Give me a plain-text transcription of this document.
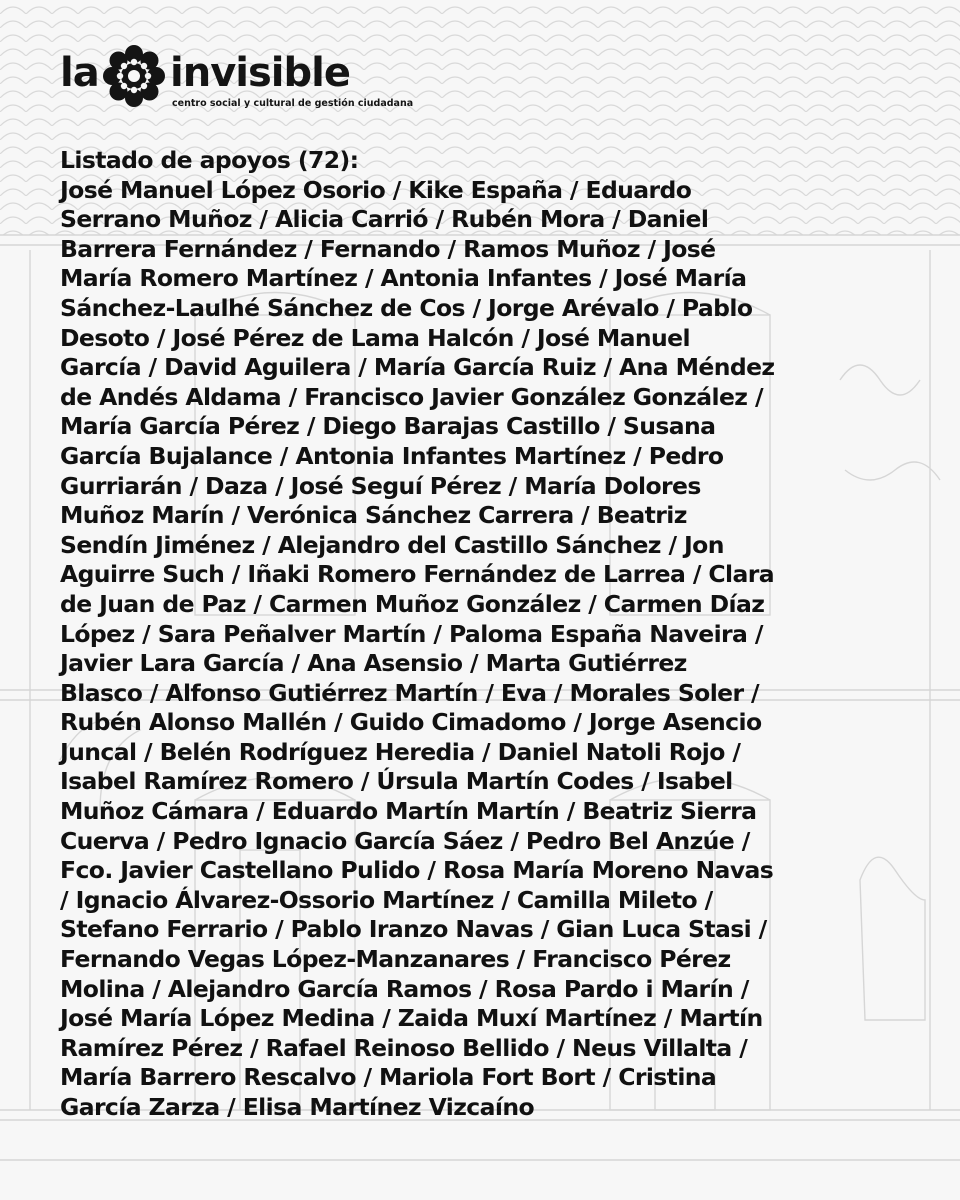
la invisible
centro social y cultural de gestión ciudadana
Listado de apoyos (72):
José Manuel López Osorio / Kike España / Eduardo
Serrano Muñoz / Alicia Carrió / Rubén Mora / Daniel
Barrera Fernández / Fernando / Ramos Muñoz / José
María Romero Martínez / Antonia Infantes / José María
Sánchez-Laulhé Sánchez de Cos / Jorge Arévalo / Pablo
Desoto / José Pérez de Lama Halcón / José Manuel
García / David Aguilera / María García Ruiz / Ana Méndez
de Andés Aldama / Francisco Javier González González /
María García Pérez / Diego Barajas Castillo / Susana
García Bujalance / Antonia Infantes Martínez / Pedro
Gurriarán / Daza / José Seguí Pérez / María Dolores
Muñoz Marín / Verónica Sánchez Carrera / Beatriz
Sendín Jiménez / Alejandro del Castillo Sánchez / Jon
Aguirre Such / Iñaki Romero Fernández de Larrea / Clara
de Juan de Paz / Carmen Muñoz González / Carmen Díaz
López / Sara Peñalver Martín / Paloma España Naveira /
Javier Lara García / Ana Asensio / Marta Gutiérrez
Blasco / Alfonso Gutiérrez Martín / Eva / Morales Soler /
Rubén Alonso Mallén / Guido Cimadomo / Jorge Asencio
Juncal / Belén Rodríguez Heredia / Daniel Natoli Rojo /
Isabel Ramírez Romero / Úrsula Martín Codes / Isabel
Muñoz Cámara / Eduardo Martín Martín / Beatriz Sierra
Cuerva / Pedro Ignacio García Sáez / Pedro Bel Anzúe /
Fco. Javier Castellano Pulido / Rosa María Moreno Navas
/ Ignacio Álvarez-Ossorio Martínez / Camilla Mileto /
Stefano Ferrario / Pablo Iranzo Navas / Gian Luca Stasi /
Fernando Vegas López-Manzanares / Francisco Pérez
Molina / Alejandro García Ramos / Rosa Pardo i Marín /
José María López Medina / Zaida Muxí Martínez / Martín
Ramírez Pérez / Rafael Reinoso Bellido / Neus Villalta /
María Barrero Rescalvo / Mariola Fort Bort / Cristina
García Zarza / Elisa Martínez Vizcaíno
